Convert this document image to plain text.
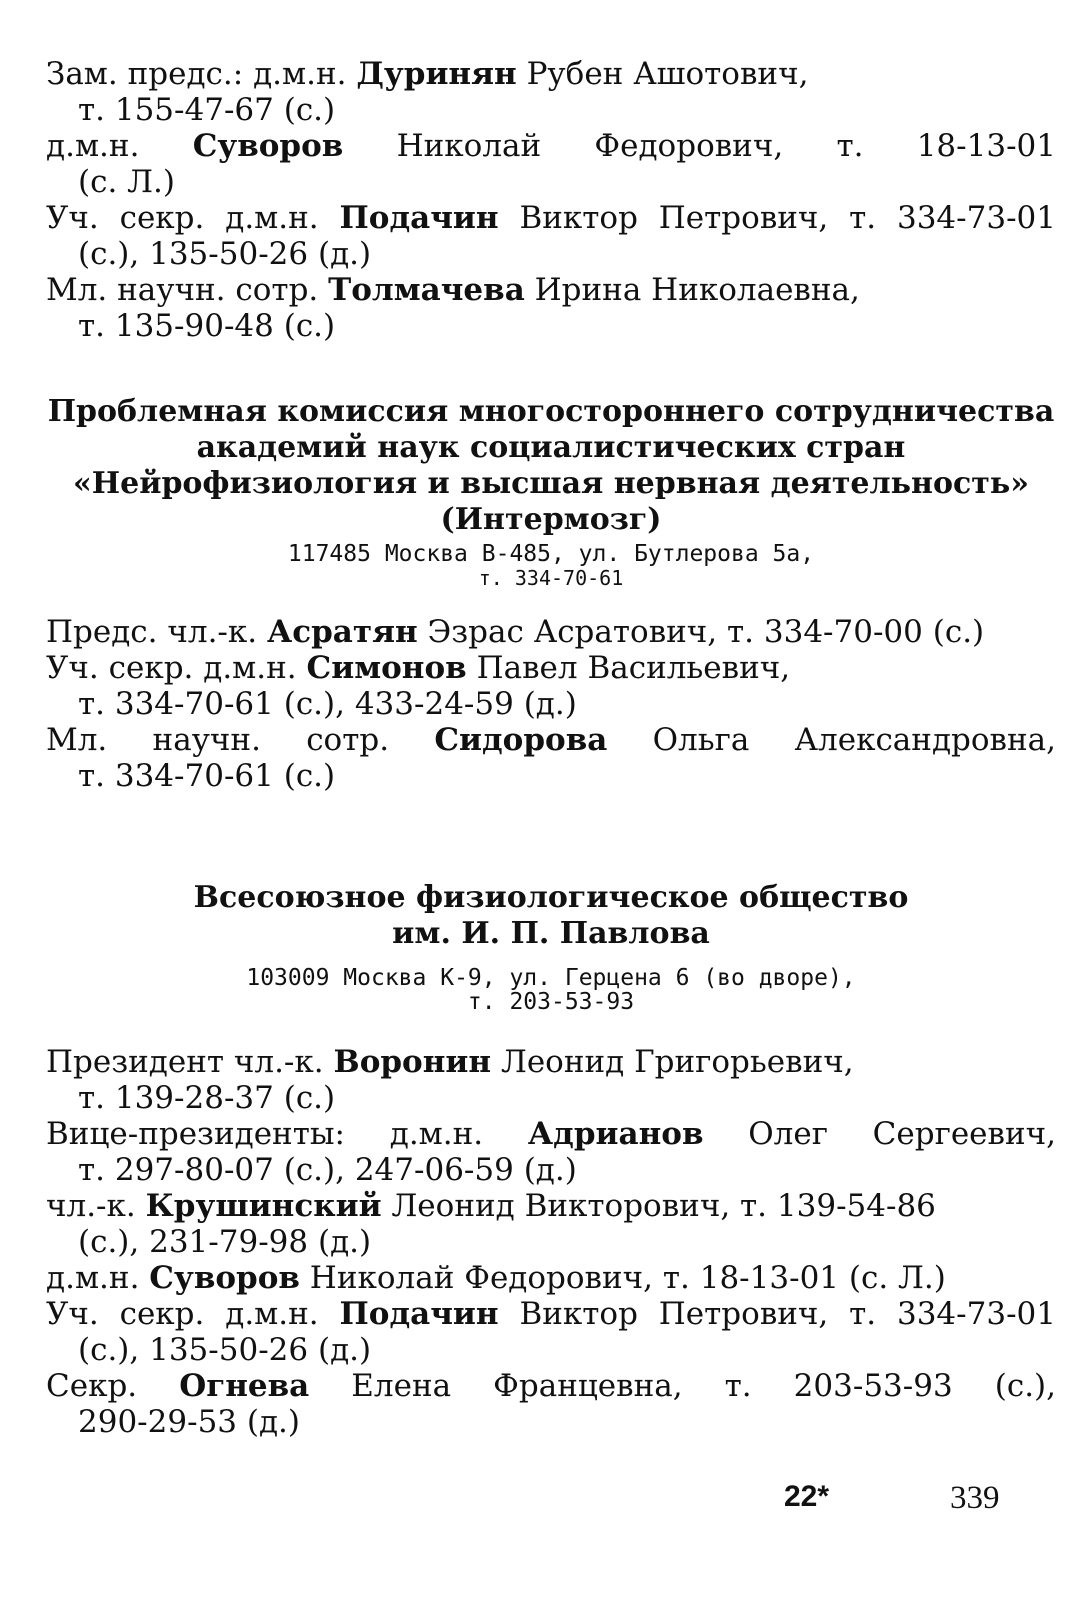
Зам. предс.: д.м.н. Дуринян Рубен Ашотович,
т. 155-47-67 (с.)

д.м.н. Суворов Николай Федорович, т. 18-13-01
(с. Л.)

Уч. секр. д.м.н. Подачин Виктор Петрович, т. 334-73-01
(с.), 135-50-26 (д.)

Мл. научн. сотр. Толмачева Ирина Николаевна,
т. 135-90-48 (с.)

Проблемная комиссия многостороннего сотрудничества

академий наук социалистических стран

«Нейрофизиология и высшая нервная деятельность»

(Интермозг)

117485 Москва В-485, ул. Бутлерова 5а,

т. 334-70-61

Предс. чл.-к. Асратян Эзрас Асратович, т. 334-70-00 (с.)

Уч. секр. д.м.н. Симонов Павел Васильевич,
т. 334-70-61 (с.), 433-24-59 (д.)

Мл. научн. сотр. Сидорова Ольга Александровна,
т. 334-70-61 (с.)

Всесоюзное физиологическое общество

им. И. П. Павлова

103009 Москва К-9, ул. Герцена 6 (во дворе),

т. 203-53-93

Президент чл.-к. Воронин Леонид Григорьевич,
т. 139-28-37 (с.)

Вице-президенты: д.м.н. Адрианов Олег Сергеевич,
т. 297-80-07 (с.), 247-06-59 (д.)

чл.-к. Крушинский Леонид Викторович, т. 139-54-86
(с.), 231-79-98 (д.)

д.м.н. Суворов Николай Федорович, т. 18-13-01 (с. Л.)

Уч. секр. д.м.н. Подачин Виктор Петрович, т. 334-73-01
(с.), 135-50-26 (д.)

Секр. Огнева Елена Францевна, т. 203-53-93 (с.),
290-29-53 (д.)

22*	339
